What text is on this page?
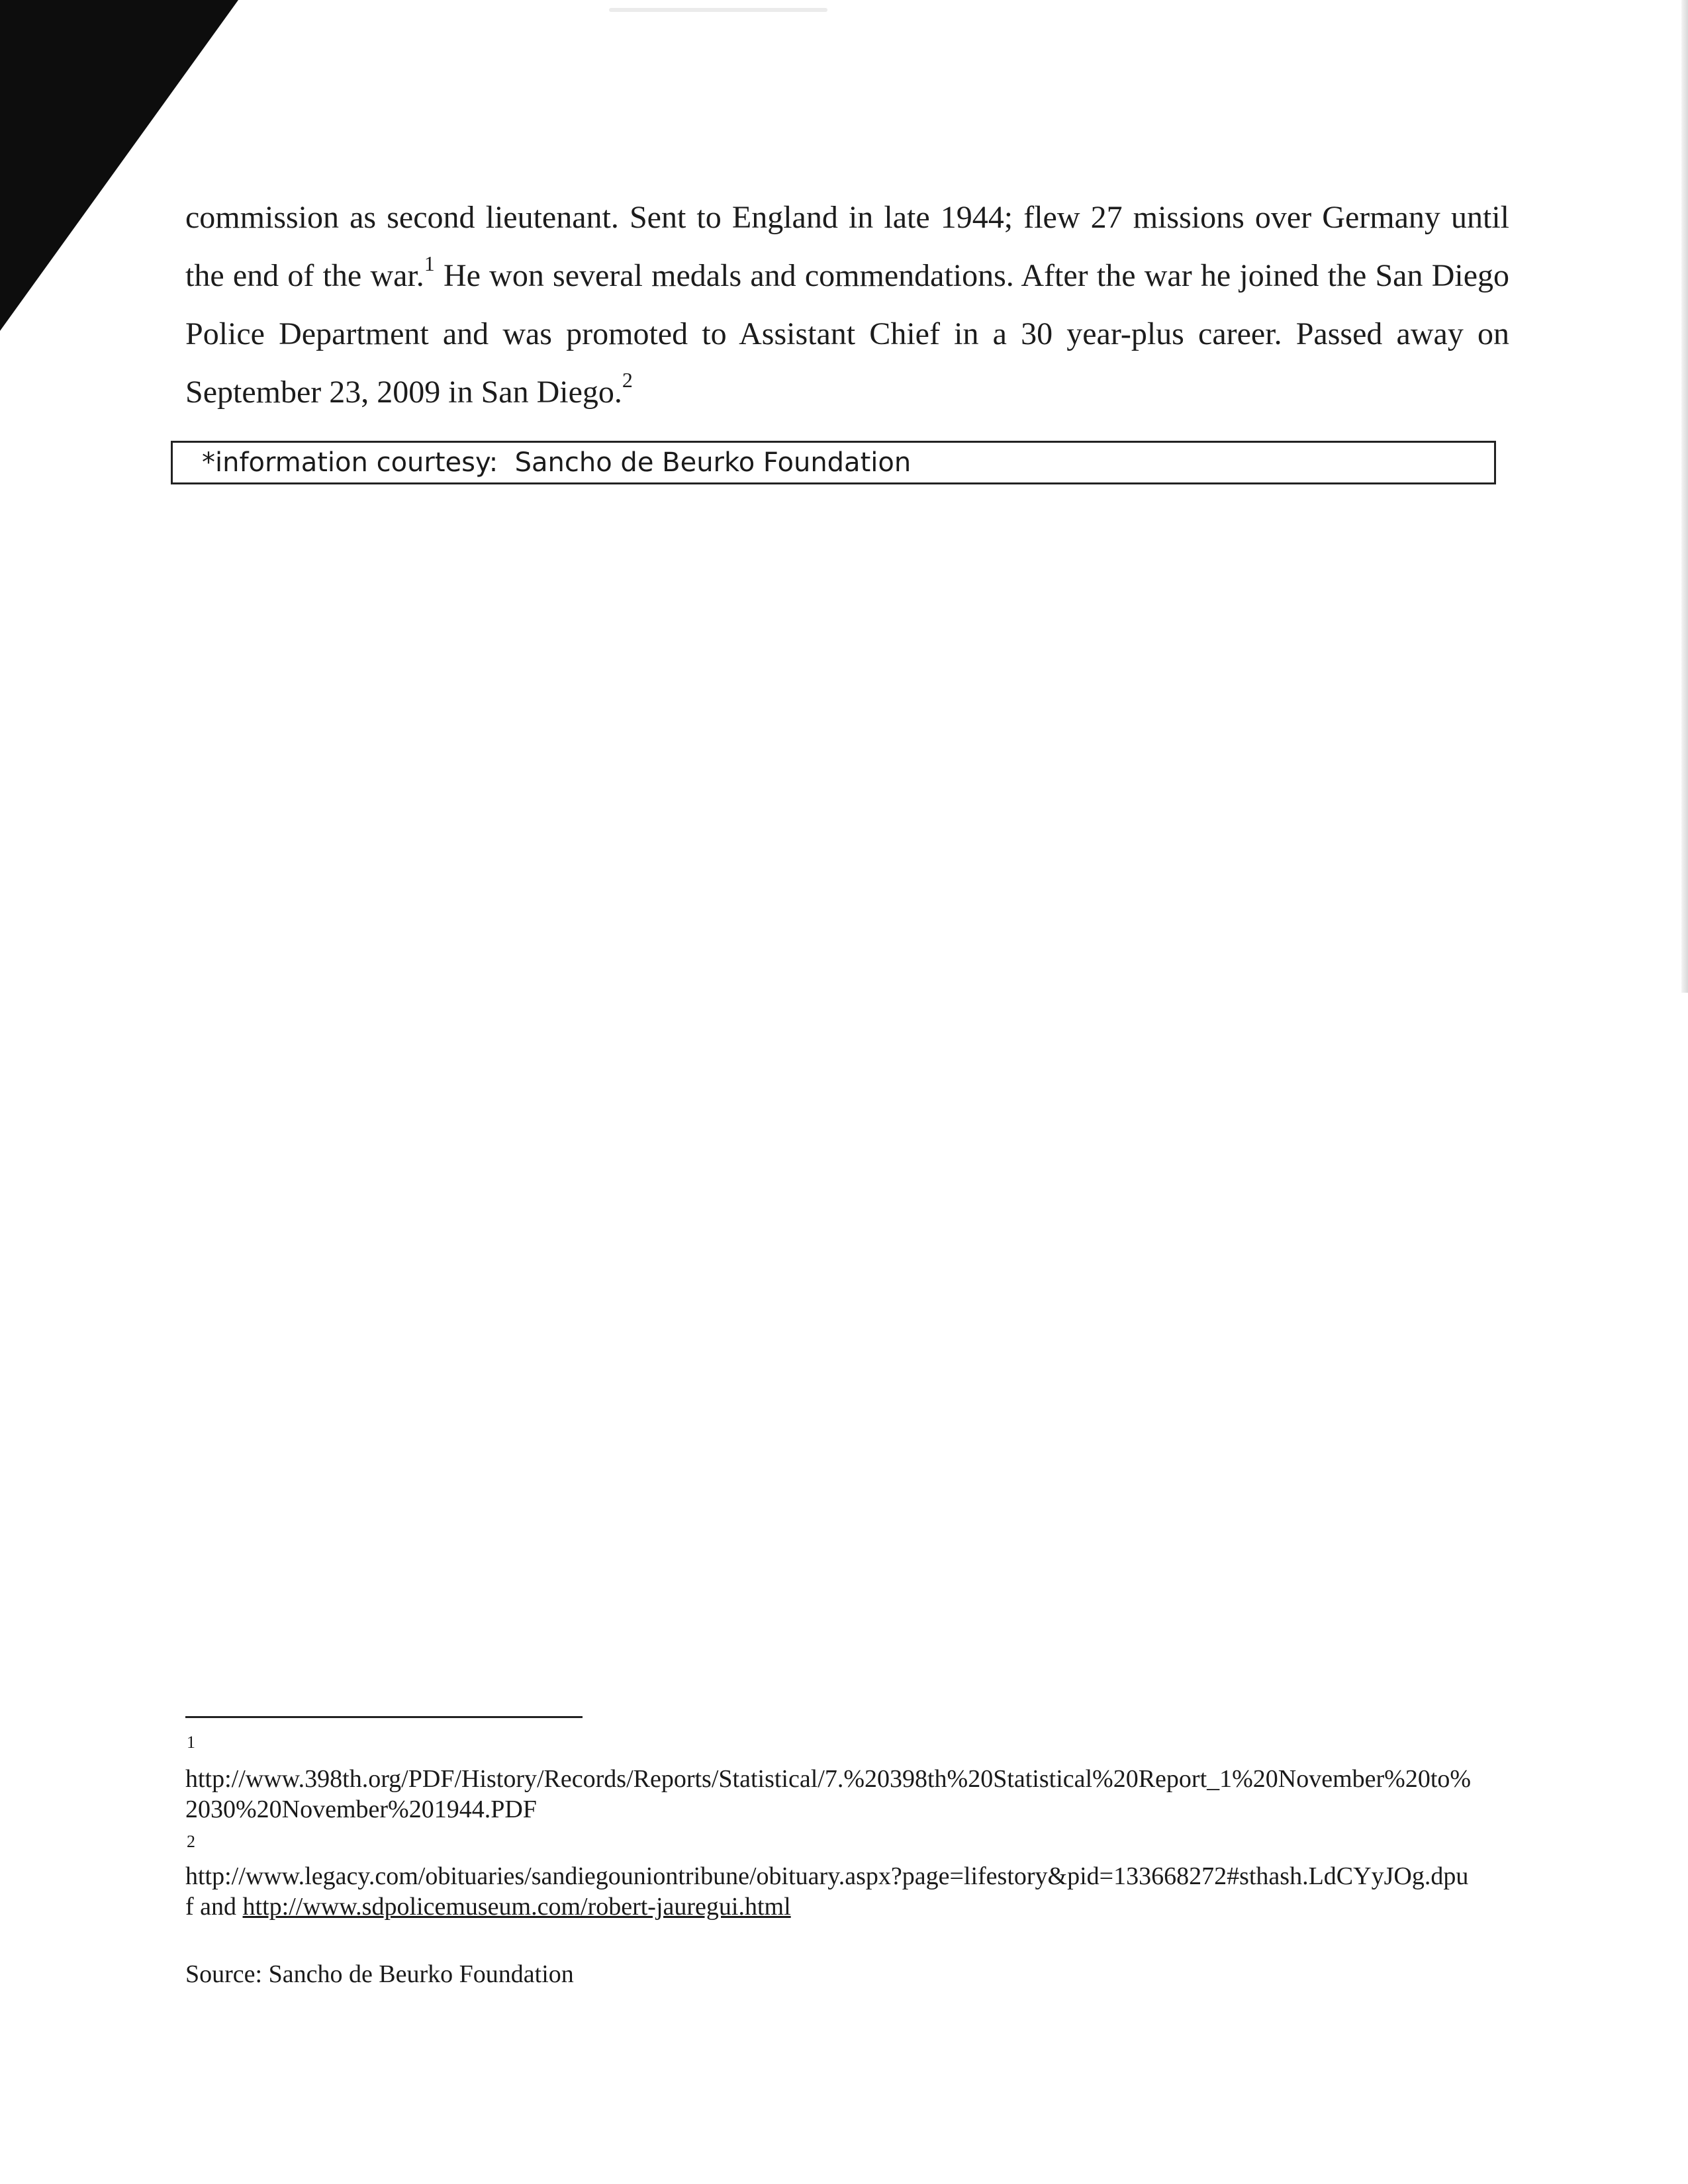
commission as second lieutenant. Sent to England in late 1944; flew 27 missions over Germany until the end of the war.$^1$ He won several medals and commendations. After the war he joined the San Diego Police Department and was promoted to Assistant Chief in a 30 year-plus career. Passed away on September 23, 2009 in San Diego.$^2$

*information courtesy:  Sancho de Beurko Foundation
1
http://www.398th.org/PDF/History/Records/Reports/Statistical/7.%20398th%20Statistical%20Report_1%20November%20to%2030%20November%201944.PDF
2
http://www.legacy.com/obituaries/sandiegouniontribune/obituary.aspx?page=lifestory&pid=133668272#sthash.LdCYyJOg.dpuf and http://www.sdpolicemuseum.com/robert-jauregui.html
Source: Sancho de Beurko Foundation
